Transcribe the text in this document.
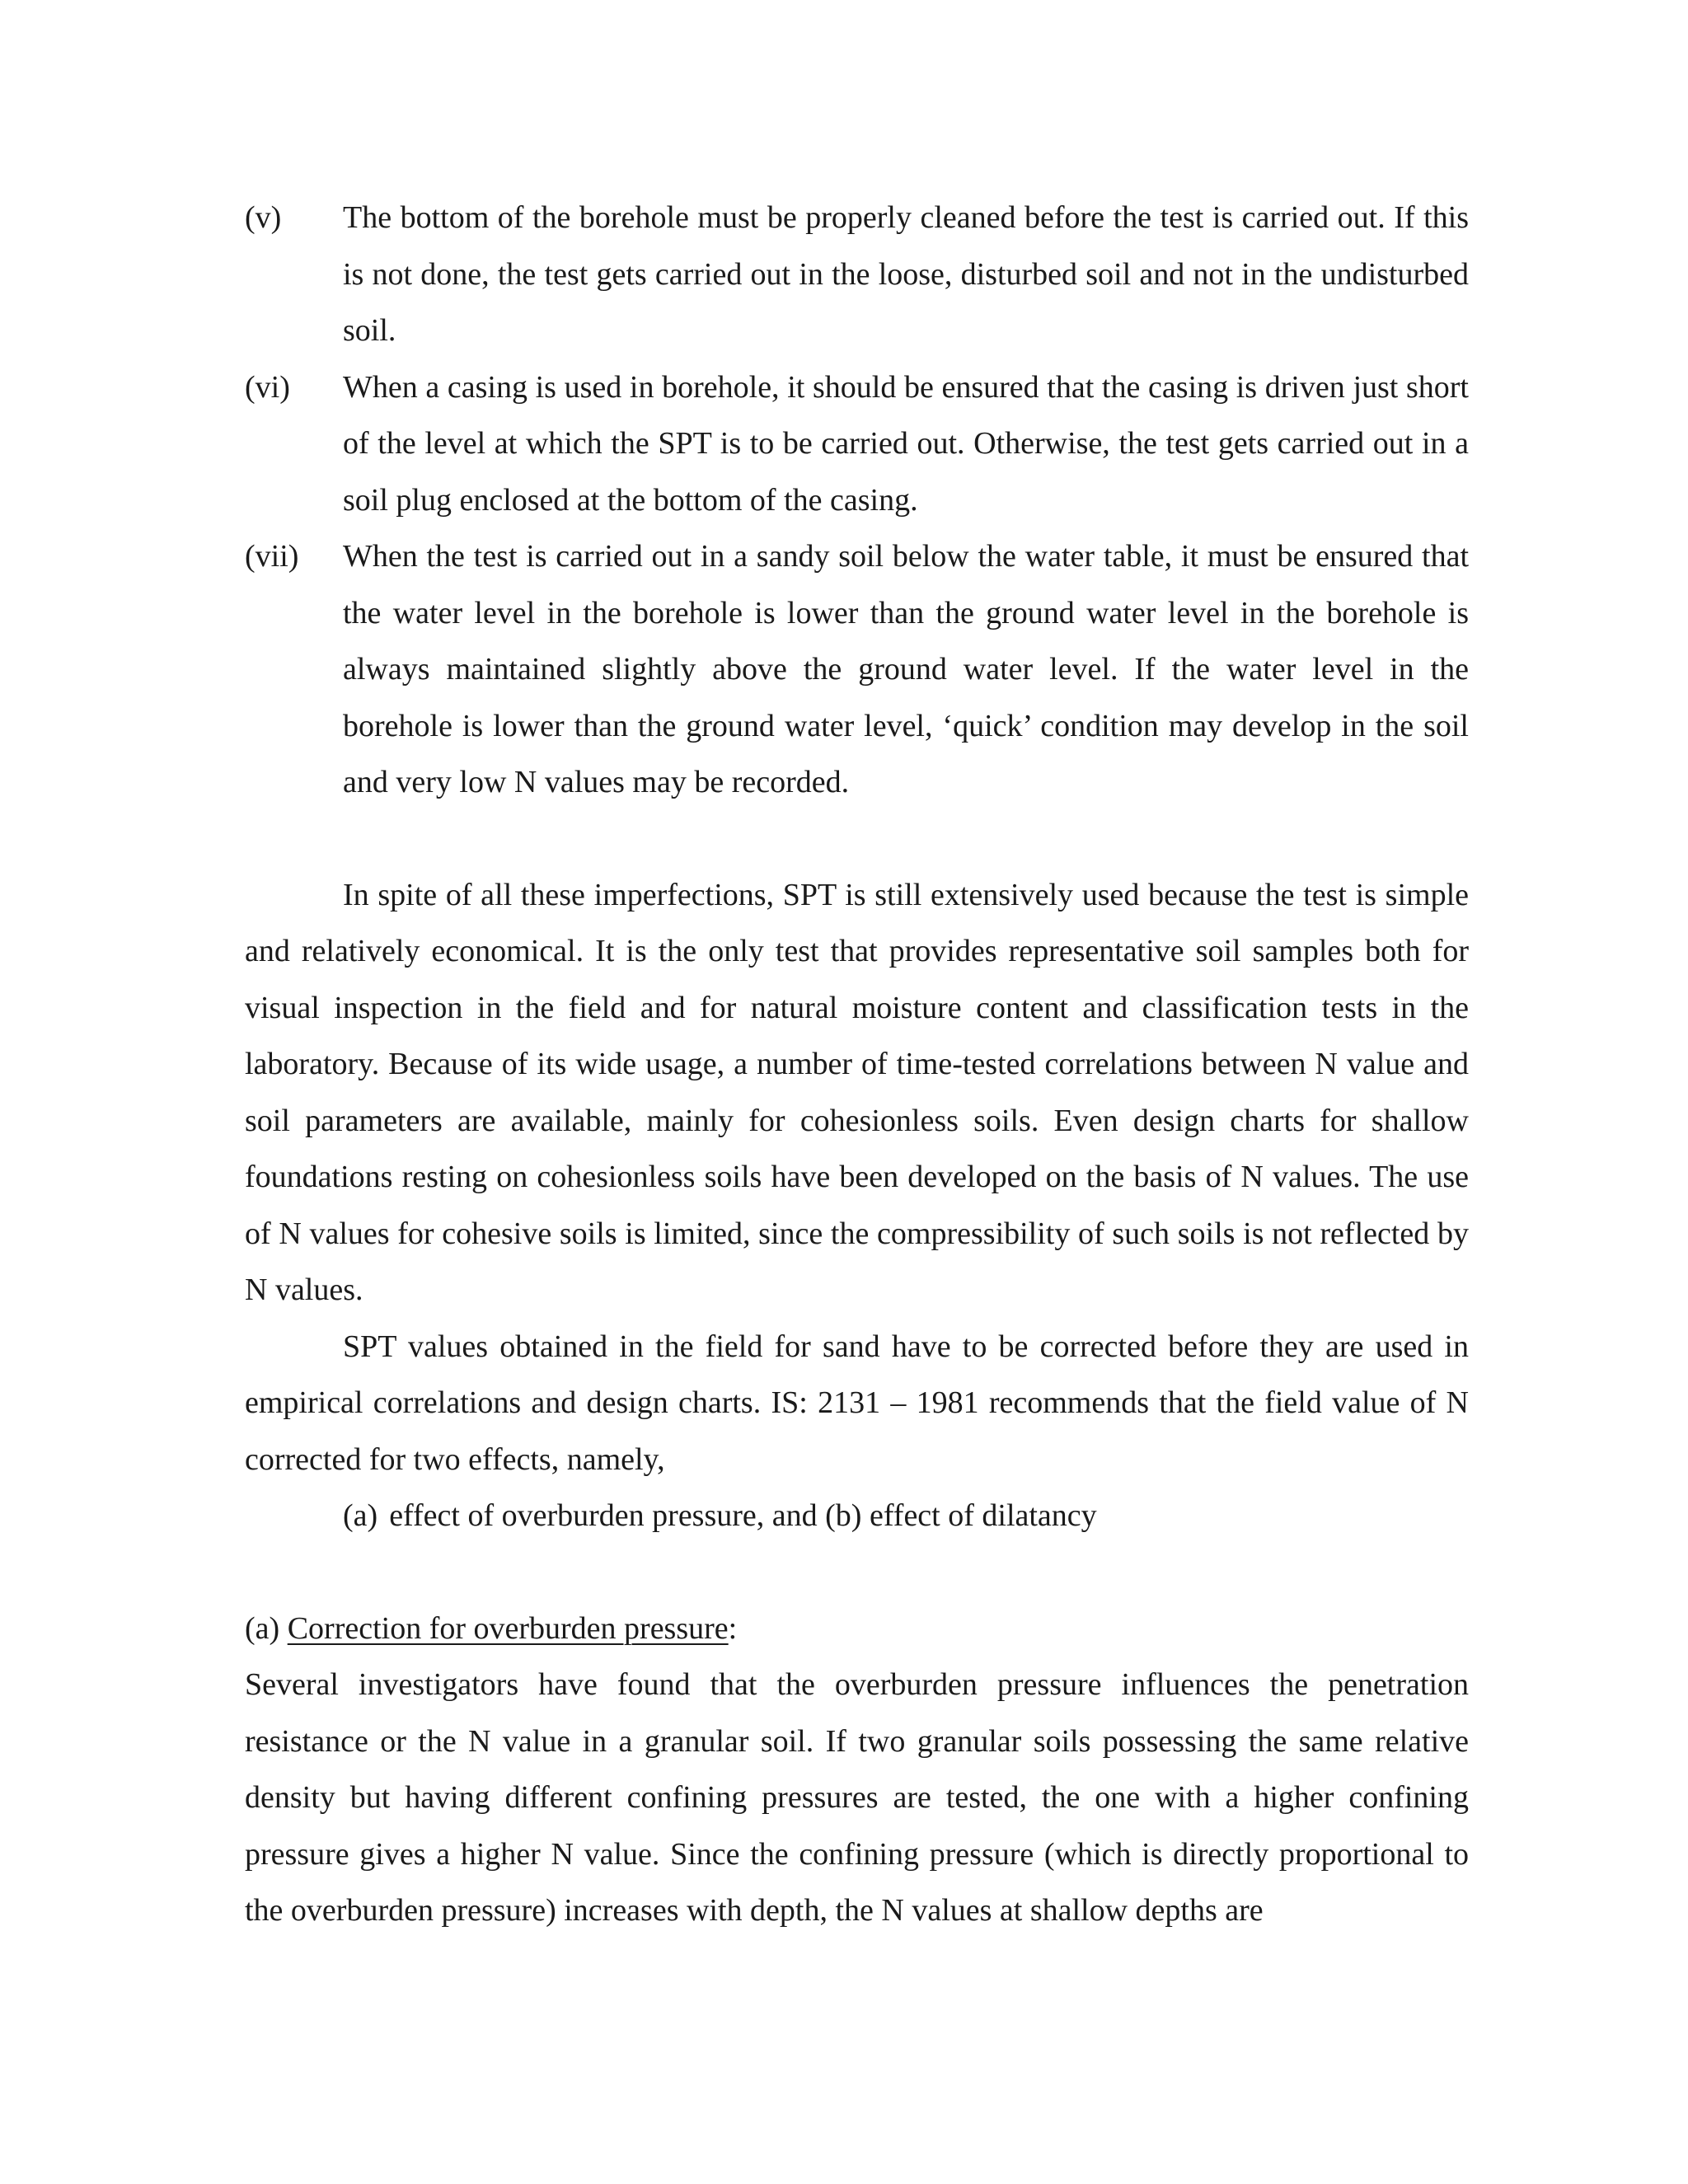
(v) The bottom of the borehole must be properly cleaned before the test is carried out. If this is not done, the test gets carried out in the loose, disturbed soil and not in the undisturbed soil.

(vi) When a casing is used in borehole, it should be ensured that the casing is driven just short of the level at which the SPT is to be carried out. Otherwise, the test gets carried out in a soil plug enclosed at the bottom of the casing.

(vii) When the test is carried out in a sandy soil below the water table, it must be ensured that the water level in the borehole is lower than the ground water level in the borehole is always maintained slightly above the ground water level. If the water level in the borehole is lower than the ground water level, ‘quick’ condition may develop in the soil and very low N values may be recorded.

In spite of all these imperfections, SPT is still extensively used because the test is simple and relatively economical. It is the only test that provides representative soil samples both for visual inspection in the field and for natural moisture content and classification tests in the laboratory. Because of its wide usage, a number of time-tested correlations between N value and soil parameters are available, mainly for cohesionless soils. Even design charts for shallow foundations resting on cohesionless soils have been developed on the basis of N values. The use of N values for cohesive soils is limited, since the compressibility of such soils is not reflected by N values.

SPT values obtained in the field for sand have to be corrected before they are used in empirical correlations and design charts. IS: 2131 – 1981 recommends that the field value of N corrected for two effects, namely,

(a) effect of overburden pressure, and (b) effect of dilatancy

(a) Correction for overburden pressure:

Several investigators have found that the overburden pressure influences the penetration resistance or the N value in a granular soil. If two granular soils possessing the same relative density but having different confining pressures are tested, the one with a higher confining pressure gives a higher N value. Since the confining pressure (which is directly proportional to the overburden pressure) increases with depth, the N values at shallow depths are
